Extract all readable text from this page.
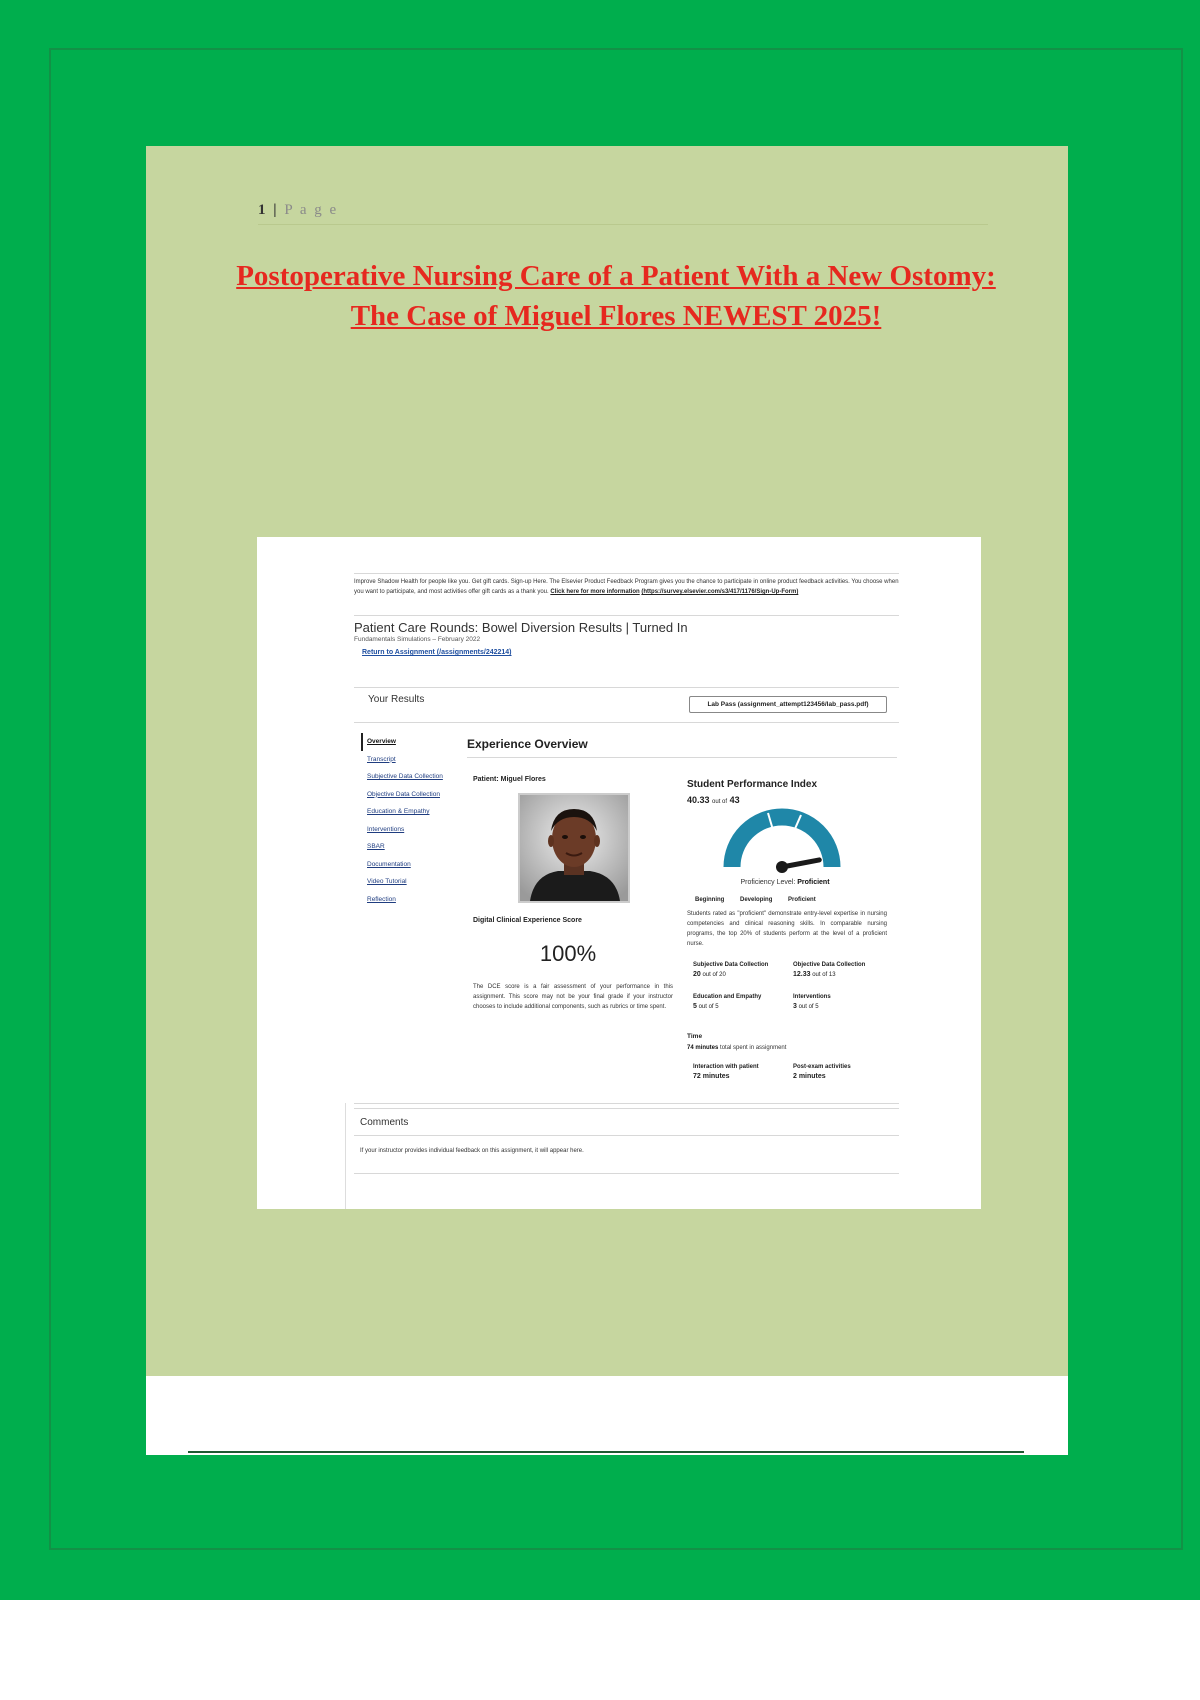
1 | P a g e
Postoperative Nursing Care of a Patient With a New Ostomy: The Case of Miguel Flores NEWEST 2025!
Improve Shadow Health for people like you. Get gift cards. Sign-up Here. The Elsevier Product Feedback Program gives you the chance to participate in online product feedback activities. You choose when you want to participate, and most activities offer gift cards as a thank you. Click here for more information (https://survey.elsevier.com/s3/417/1176/Sign-Up-Form)
Patient Care Rounds: Bowel Diversion Results | Turned In
Fundamentals Simulations – February 2022
Return to Assignment (/assignments/242214)
Your Results	Lab Pass (assignment_attempt123456/lab_pass.pdf)
Overview
Transcript
Subjective Data Collection
Objective Data Collection
Education & Empathy
Interventions
SBAR
Documentation
Video Tutorial
Reflection
Experience Overview
Patient: Miguel Flores
Digital Clinical Experience Score
100%
The DCE score is a fair assessment of your performance in this assignment. This score may not be your final grade if your instructor chooses to include additional components, such as rubrics or time spent.
Student Performance Index
40.33 out of 43
Proficiency Level: Proficient
Beginning	Developing	Proficient
Students rated as "proficient" demonstrate entry-level expertise in nursing competencies and clinical reasoning skills. In comparable nursing programs, the top 20% of students perform at the level of a proficient nurse.
Subjective Data Collection
20 out of 20
Objective Data Collection
12.33 out of 13
Education and Empathy
5 out of 5
Interventions
3 out of 5
Time
74 minutes total spent in assignment
Interaction with patient
72 minutes
Post-exam activities
2 minutes
Comments
If your instructor provides individual feedback on this assignment, it will appear here.
